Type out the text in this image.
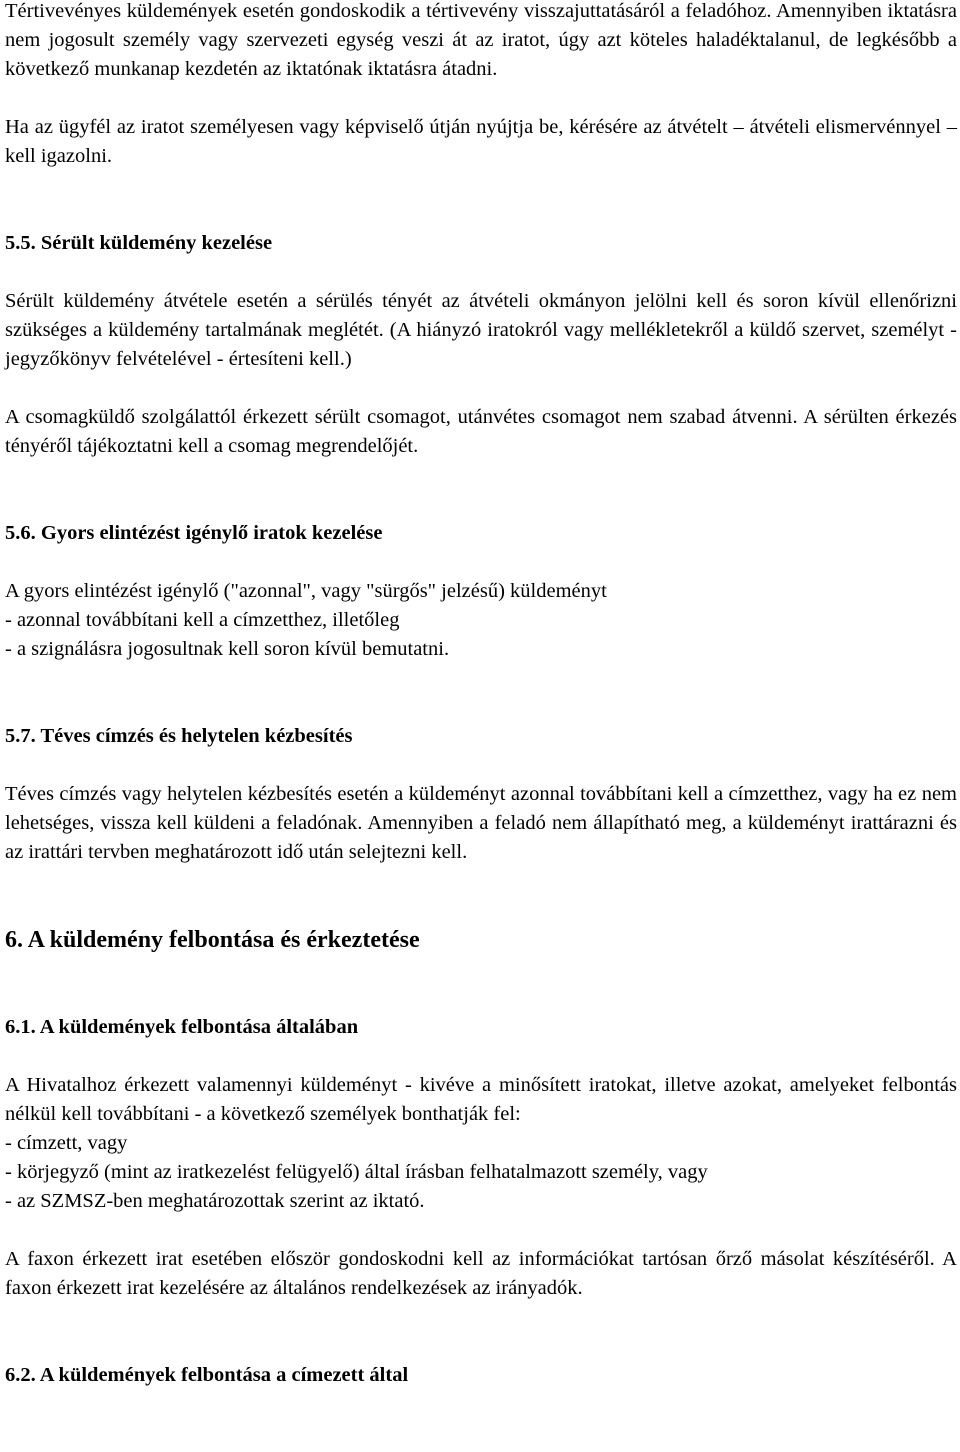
Tértivevényes küldemények esetén gondoskodik a tértivevény visszajuttatásáról a feladóhoz. Amennyiben iktatásra nem jogosult személy vagy szervezeti egység veszi át az iratot, úgy azt köteles haladéktalanul, de legkésőbb a következő munkanap kezdetén az iktatónak iktatásra átadni.

Ha az ügyfél az iratot személyesen vagy képviselő útján nyújtja be, kérésére az átvételt – átvételi elismervénnyel – kell igazolni.

5.5. Sérült küldemény kezelése

Sérült küldemény átvétele esetén a sérülés tényét az átvételi okmányon jelölni kell és soron kívül ellenőrizni szükséges a küldemény tartalmának meglétét. (A hiányzó iratokról vagy mellékletekről a küldő szervet, személyt - jegyzőkönyv felvételével - értesíteni kell.)

A csomagküldő szolgálattól érkezett sérült csomagot, utánvétes csomagot nem szabad átvenni. A sérülten érkezés tényéről tájékoztatni kell a csomag megrendelőjét.

5.6. Gyors elintézést igénylő iratok kezelése

A gyors elintézést igénylő ("azonnal", vagy "sürgős" jelzésű) küldeményt

- azonnal továbbítani kell a címzetthez, illetőleg

- a szignálásra jogosultnak kell soron kívül bemutatni.

5.7. Téves címzés és helytelen kézbesítés

Téves címzés vagy helytelen kézbesítés esetén a küldeményt azonnal továbbítani kell a címzetthez, vagy ha ez nem lehetséges, vissza kell küldeni a feladónak. Amennyiben a feladó nem állapítható meg, a küldeményt irattárazni és az irattári tervben meghatározott idő után selejtezni kell.

6. A küldemény felbontása és érkeztetése

6.1. A küldemények felbontása általában

A Hivatalhoz érkezett valamennyi küldeményt - kivéve a minősített iratokat, illetve azokat, amelyeket felbontás nélkül kell továbbítani - a következő személyek bonthatják fel:

- címzett, vagy

- körjegyző (mint az iratkezelést felügyelő) által írásban felhatalmazott személy, vagy

- az SZMSZ-ben meghatározottak szerint az iktató.

A faxon érkezett irat esetében először gondoskodni kell az információkat tartósan őrző másolat készítéséről. A faxon érkezett irat kezelésére az általános rendelkezések az irányadók.

6.2. A küldemények felbontása a címezett által
